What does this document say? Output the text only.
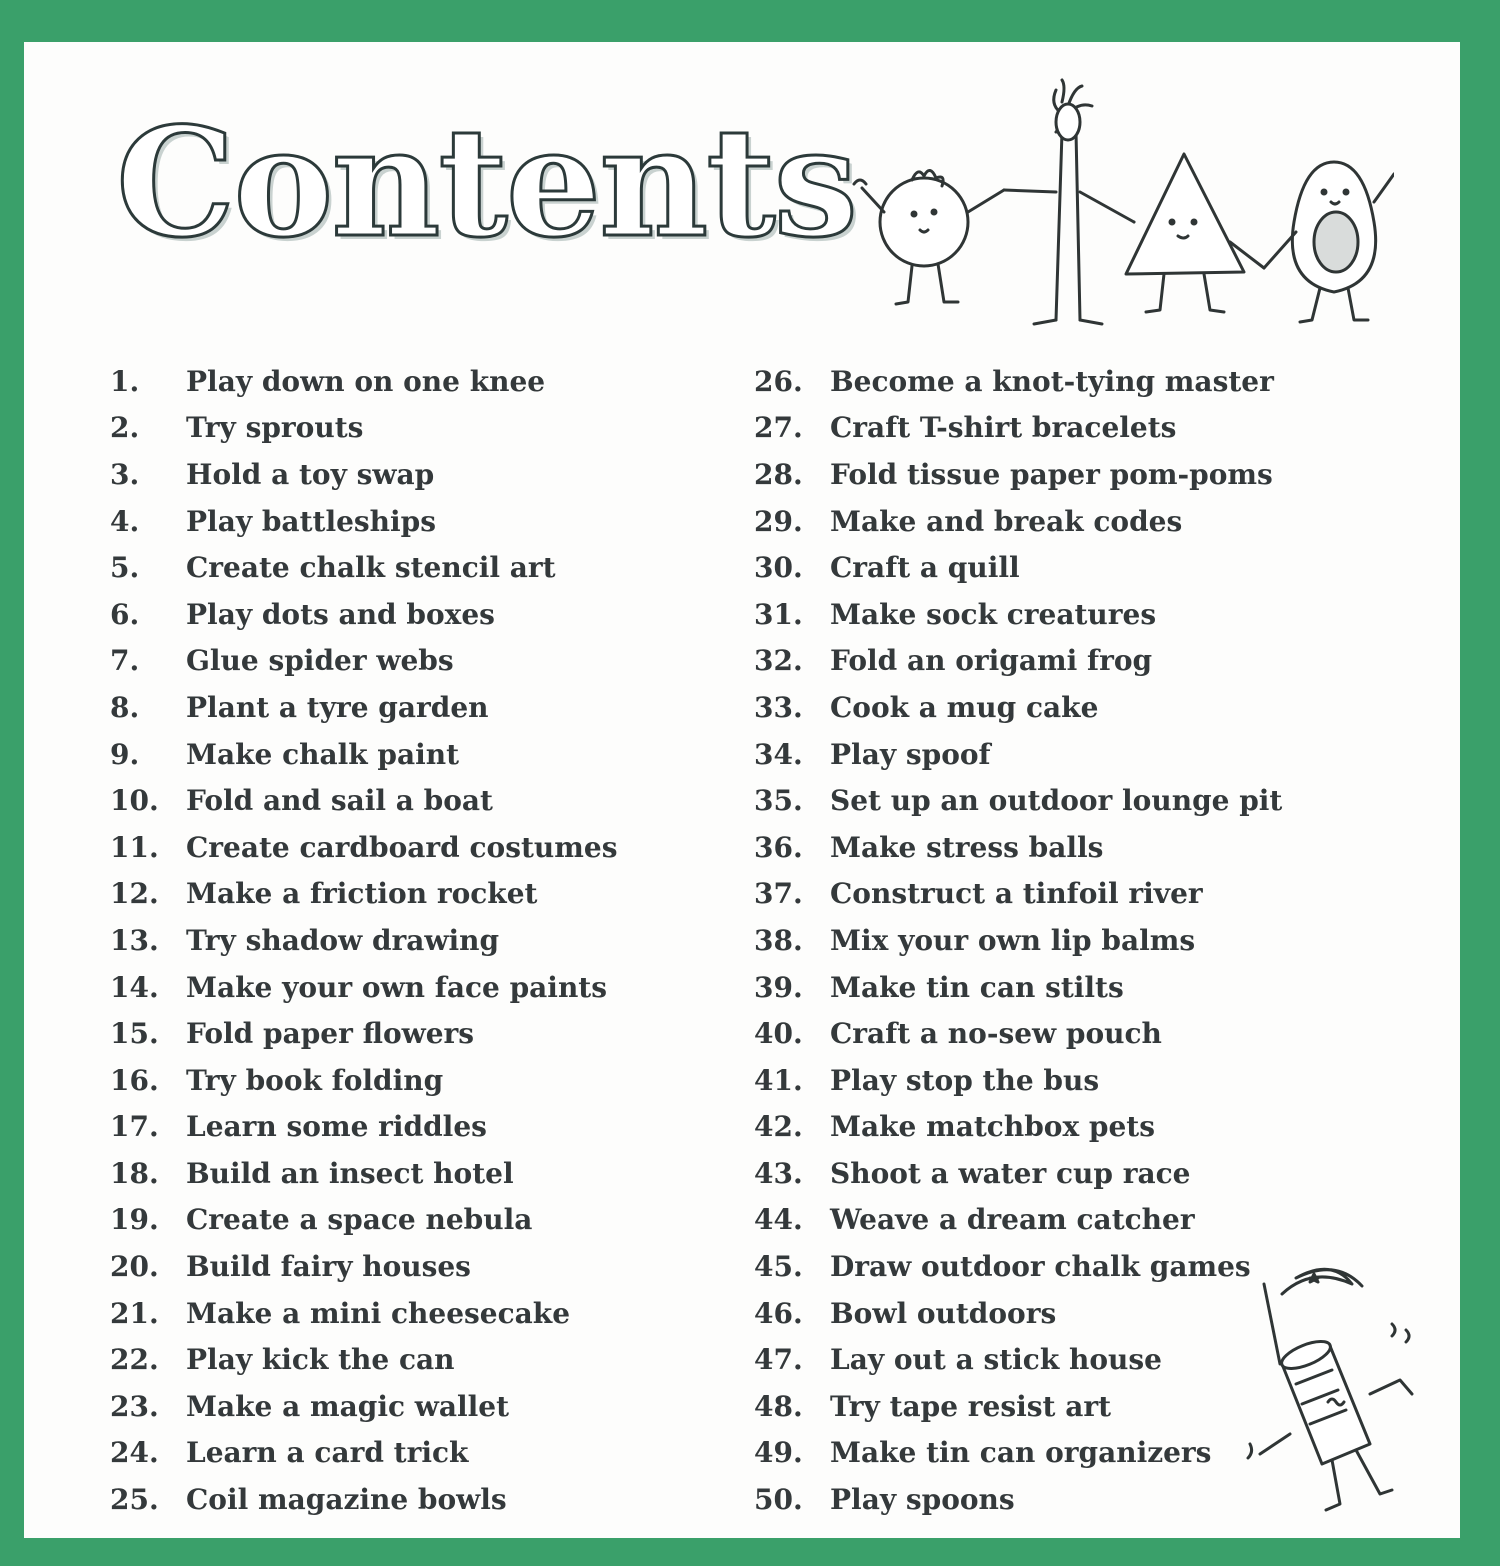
Contents
1.	Play down on one knee
2.	Try sprouts
3.	Hold a toy swap
4.	Play battleships
5.	Create chalk stencil art
6.	Play dots and boxes
7.	Glue spider webs
8.	Plant a tyre garden
9.	Make chalk paint
10. Fold and sail a boat
11. Create cardboard costumes
12. Make a friction rocket
13. Try shadow drawing
14. Make your own face paints
15. Fold paper flowers
16. Try book folding
17. Learn some riddles
18. Build an insect hotel
19. Create a space nebula
20. Build fairy houses
21. Make a mini cheesecake
22. Play kick the can
23. Make a magic wallet
24. Learn a card trick
25. Coil magazine bowls
26. Become a knot-tying master
27. Craft T-shirt bracelets
28. Fold tissue paper pom-poms
29. Make and break codes
30. Craft a quill
31. Make sock creatures
32. Fold an origami frog
33. Cook a mug cake
34. Play spoof
35. Set up an outdoor lounge pit
36. Make stress balls
37. Construct a tinfoil river
38. Mix your own lip balms
39. Make tin can stilts
40. Craft a no-sew pouch
41. Play stop the bus
42. Make matchbox pets
43. Shoot a water cup race
44. Weave a dream catcher
45. Draw outdoor chalk games
46. Bowl outdoors
47. Lay out a stick house
48. Try tape resist art
49. Make tin can organizers
50. Play spoons
